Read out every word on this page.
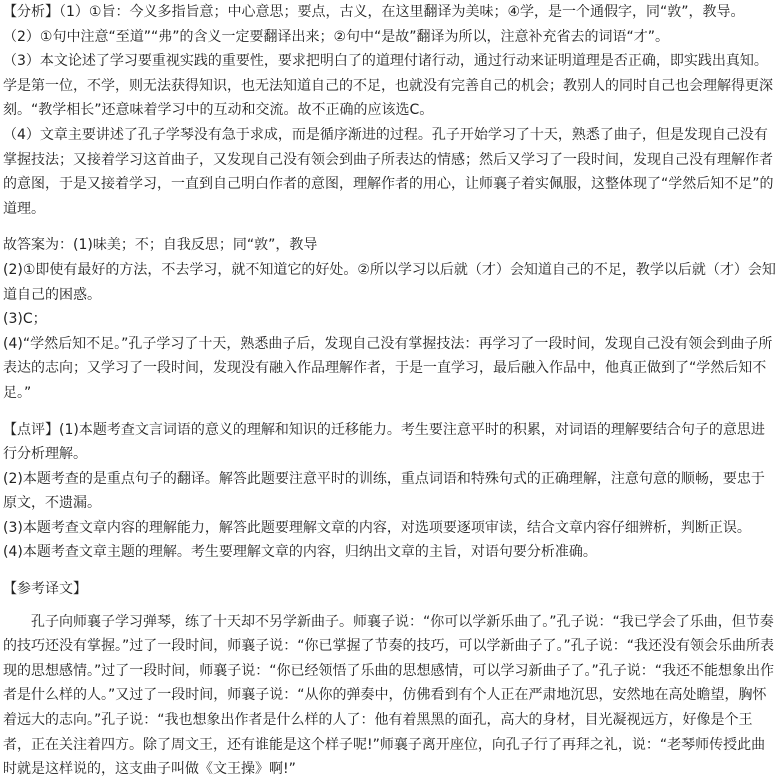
【分析】（1）①旨：今义多指旨意；中心意思；要点，古义，在这里翻译为美味；④学，是一个通假字，同“敦”，教导。

（2）①句中注意“至道”“弗”的含义一定要翻译出来；②句中“是故”翻译为所以，注意补充省去的词语“才”。

（3）本文论述了学习要重视实践的重要性，要求把明白了的道理付诸行动，通过行动来证明道理是否正确，即实践出真知。学是第一位，不学，则无法获得知识，也无法知道自己的不足，也就没有完善自己的机会；教别人的同时自己也会理解得更深刻。“教学相长”还意味着学习中的互动和交流。故不正确的应该选C。

（4）文章主要讲述了孔子学琴没有急于求成，而是循序渐进的过程。孔子开始学习了十天，熟悉了曲子，但是发现自己没有掌握技法；又接着学习这首曲子，又发现自己没有领会到曲子所表达的情感；然后又学习了一段时间，发现自己没有理解作者的意图，于是又接着学习，一直到自己明白作者的意图，理解作者的用心，让师襄子着实佩服，这整体现了“学然后知不足”的道理。

故答案为：(1)味美；不；自我反思；同“敦”，教导

(2)①即使有最好的方法，不去学习，就不知道它的好处。②所以学习以后就（才）会知道自己的不足，教学以后就（才）会知道自己的困惑。

(3)C；

(4)“学然后知不足。”孔子学习了十天，熟悉曲子后，发现自己没有掌握技法：再学习了一段时间，发现自己没有领会到曲子所表达的志向；又学习了一段时间，发现没有融入作品理解作者，于是一直学习，最后融入作品中，他真正做到了“学然后知不足。”

【点评】(1)本题考查文言词语的意义的理解和知识的迁移能力。考生要注意平时的积累，对词语的理解要结合句子的意思进行分析理解。

(2)本题考查的是重点句子的翻译。解答此题要注意平时的训练，重点词语和特殊句式的正确理解，注意句意的顺畅，要忠于原文，不遗漏。

(3)本题考查文章内容的理解能力，解答此题要理解文章的内容，对选项要逐项审读，结合文章内容仔细辨析，判断正误。

(4)本题考查文章主题的理解。考生要理解文章的内容，归纳出文章的主旨，对语句要分析准确。

【参考译文】

孔子向师襄子学习弹琴，练了十天却不另学新曲子。师襄子说：“你可以学新乐曲了。”孔子说：“我已学会了乐曲，但节奏的技巧还没有掌握。”过了一段时间，师襄子说：“你已掌握了节奏的技巧，可以学新曲子了。”孔子说：“我还没有领会乐曲所表现的思想感情。”过了一段时间，师襄子说：“你已经领悟了乐曲的思想感情，可以学习新曲子了。”孔子说：“我还不能想象出作者是什么样的人。”又过了一段时间，师襄子说：“从你的弹奏中，仿佛看到有个人正在严肃地沉思，安然地在高处瞻望，胸怀着远大的志向。”孔子说：“我也想象出作者是什么样的人了：他有着黑黑的面孔，高大的身材，目光凝视远方，好像是个王者，正在关注着四方。除了周文王，还有谁能是这个样子呢!”师襄子离开座位，向孔子行了再拜之礼，说：“老琴师传授此曲时就是这样说的，这支曲子叫做《文王操》啊!”
